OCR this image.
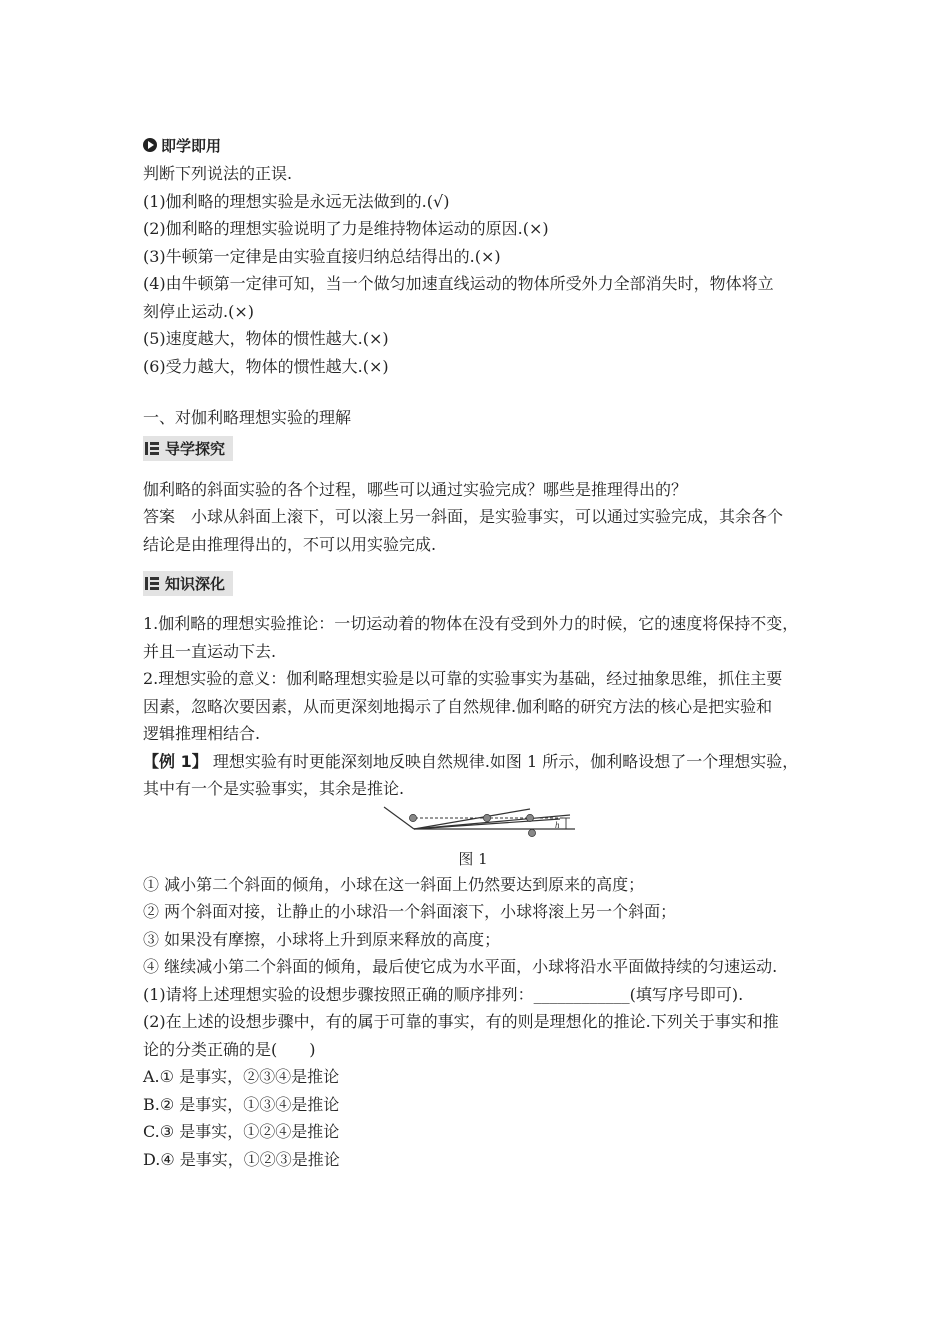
即学即用
判断下列说法的正误.
(1)伽利略的理想实验是永远无法做到的.(√)
(2)伽利略的理想实验说明了力是维持物体运动的原因.(×)
(3)牛顿第一定律是由实验直接归纳总结得出的.(×)
(4)由牛顿第一定律可知，当一个做匀加速直线运动的物体所受外力全部消失时，物体将立
刻停止运动.(×)
(5)速度越大，物体的惯性越大.(×)
(6)受力越大，物体的惯性越大.(×)
一、对伽利略理想实验的理解
导学探究
伽利略的斜面实验的各个过程，哪些可以通过实验完成？哪些是推理得出的？
答案 小球从斜面上滚下，可以滚上另一斜面，是实验事实，可以通过实验完成，其余各个
结论是由推理得出的，不可以用实验完成.
知识深化
1.伽利略的理想实验推论：一切运动着的物体在没有受到外力的时候，它的速度将保持不变，
并且一直运动下去.
2.理想实验的意义：伽利略理想实验是以可靠的实验事实为基础，经过抽象思维，抓住主要
因素，忽略次要因素，从而更深刻地揭示了自然规律.伽利略的研究方法的核心是把实验和
逻辑推理相结合.
【例 1】 理想实验有时更能深刻地反映自然规律.如图 1 所示，伽利略设想了一个理想实验，
其中有一个是实验事实，其余是推论.
h
图 1
① 减小第二个斜面的倾角，小球在这一斜面上仍然要达到原来的高度；
② 两个斜面对接，让静止的小球沿一个斜面滚下，小球将滚上另一个斜面；
③ 如果没有摩擦，小球将上升到原来释放的高度；
④ 继续减小第二个斜面的倾角，最后使它成为水平面，小球将沿水平面做持续的匀速运动.
(1)请将上述理想实验的设想步骤按照正确的顺序排列：____________(填写序号即可).
(2)在上述的设想步骤中，有的属于可靠的事实，有的则是理想化的推论.下列关于事实和推
论的分类正确的是(　　)
A.① 是事实，②③④是推论
B.② 是事实，①③④是推论
C.③ 是事实，①②④是推论
D.④ 是事实，①②③是推论
